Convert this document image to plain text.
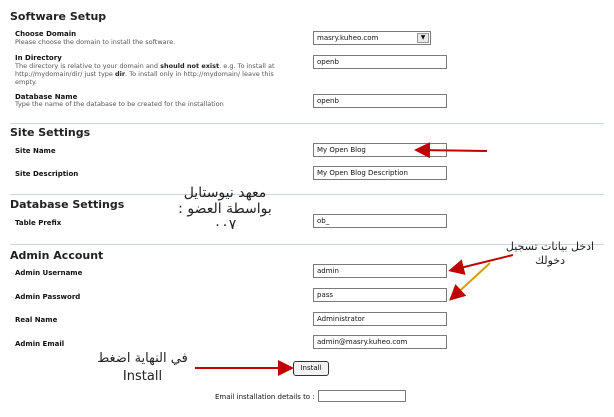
Software Setup
Choose Domain
Please choose the domain to install the software.	masry.kuheo.com	▼
In Directory
The directory is relative to your domain and should not exist. e.g. To install at
http://mydomain/dir/ just type dir. To install only in http://mydomain/ leave this
empty.
openb
Database Name
Type the name of the database to be created for the installation	openb
Site Settings
Site Name	My Open Blog
Site Description	My Open Blog Description
Database Settings
Table Prefix	ob_
Admin Account
Admin Username	admin
Admin Password	pass
Real Name	Administrator
Admin Email	admin@masry.kuheo.com
Install
Email installation details to :
معهد نيوستايل
بواسطة العضو :
٠٠٧
ادخل بيانات تسجيل
دخولك
في النهاية اضغط
Install
